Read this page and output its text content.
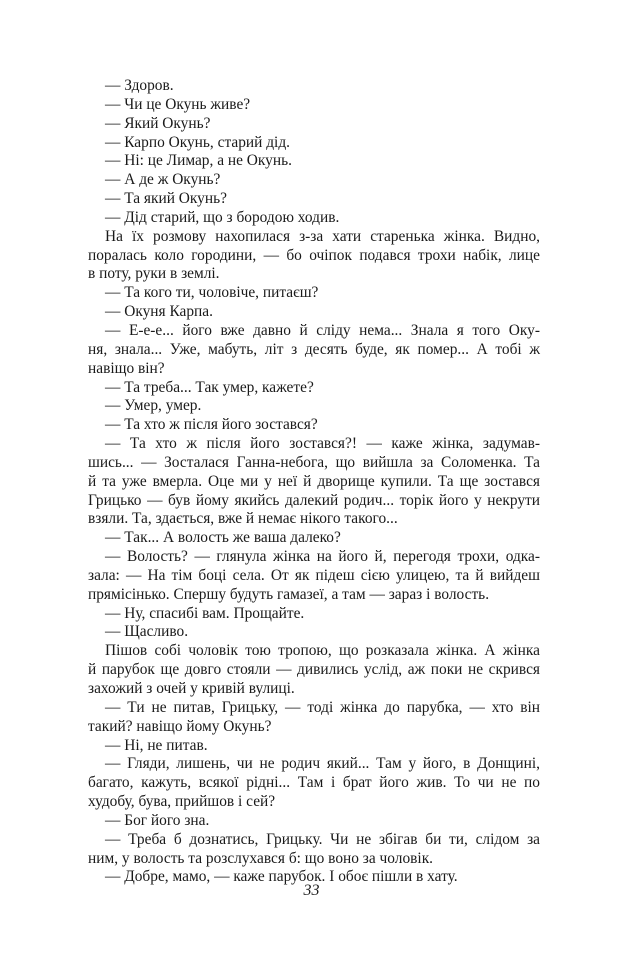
— Здоров.
— Чи це Окунь живе?
— Який Окунь?
— Карпо Окунь, старий дід.
— Ні: це Лимар, а не Окунь.
— А де ж Окунь?
— Та який Окунь?
— Дід старий, що з бородою ходив.
На їх розмову нахопилася з-за хати старенька жінка. Видно,
поралась коло городини, — бо очіпок подався трохи набік, лице
в поту, руки в землі.
— Та кого ти, чоловіче, питаєш?
— Окуня Карпа.
— Е-е-е... його вже давно й сліду нема... Знала я того Оку-
ня, знала... Уже, мабуть, літ з десять буде, як помер... А тобі ж
навіщо він?
— Та треба... Так умер, кажете?
— Умер, умер.
— Та хто ж після його зостався?
— Та хто ж після його зостався?! — каже жінка, задумав-
шись... — Зосталася Ганна-небога, що вийшла за Соломенка. Та
й та уже вмерла. Оце ми у неї й дворище купили. Та ще зостався
Грицько — був йому якийсь далекий родич... торік його у некрути
взяли. Та, здається, вже й немає нікого такого...
— Так... А волость же ваша далеко?
— Волость? — глянула жінка на його й, перегодя трохи, одка-
зала: — На тім боці села. От як підеш сією улицею, та й вийдеш
прямісінько. Спершу будуть гамазеї, а там — зараз і волость.
— Ну, спасибі вам. Прощайте.
— Щасливо.
Пішов собі чоловік тою тропою, що розказала жінка. А жінка
й парубок ще довго стояли — дивились услід, аж поки не скрився
захожий з очей у кривій вулиці.
— Ти не питав, Грицьку, — тоді жінка до парубка, — хто він
такий? навіщо йому Окунь?
— Ні, не питав.
— Гляди, лишень, чи не родич який... Там у його, в Донщині,
багато, кажуть, всякої рідні... Там і брат його жив. То чи не по
худобу, бува, прийшов і сей?
— Бог його зна.
— Треба б дознатись, Грицьку. Чи не збігав би ти, слідом за
ним, у волость та розслухався б: що воно за чоловік.
— Добре, мамо, — каже парубок. І обоє пішли в хату.
33
